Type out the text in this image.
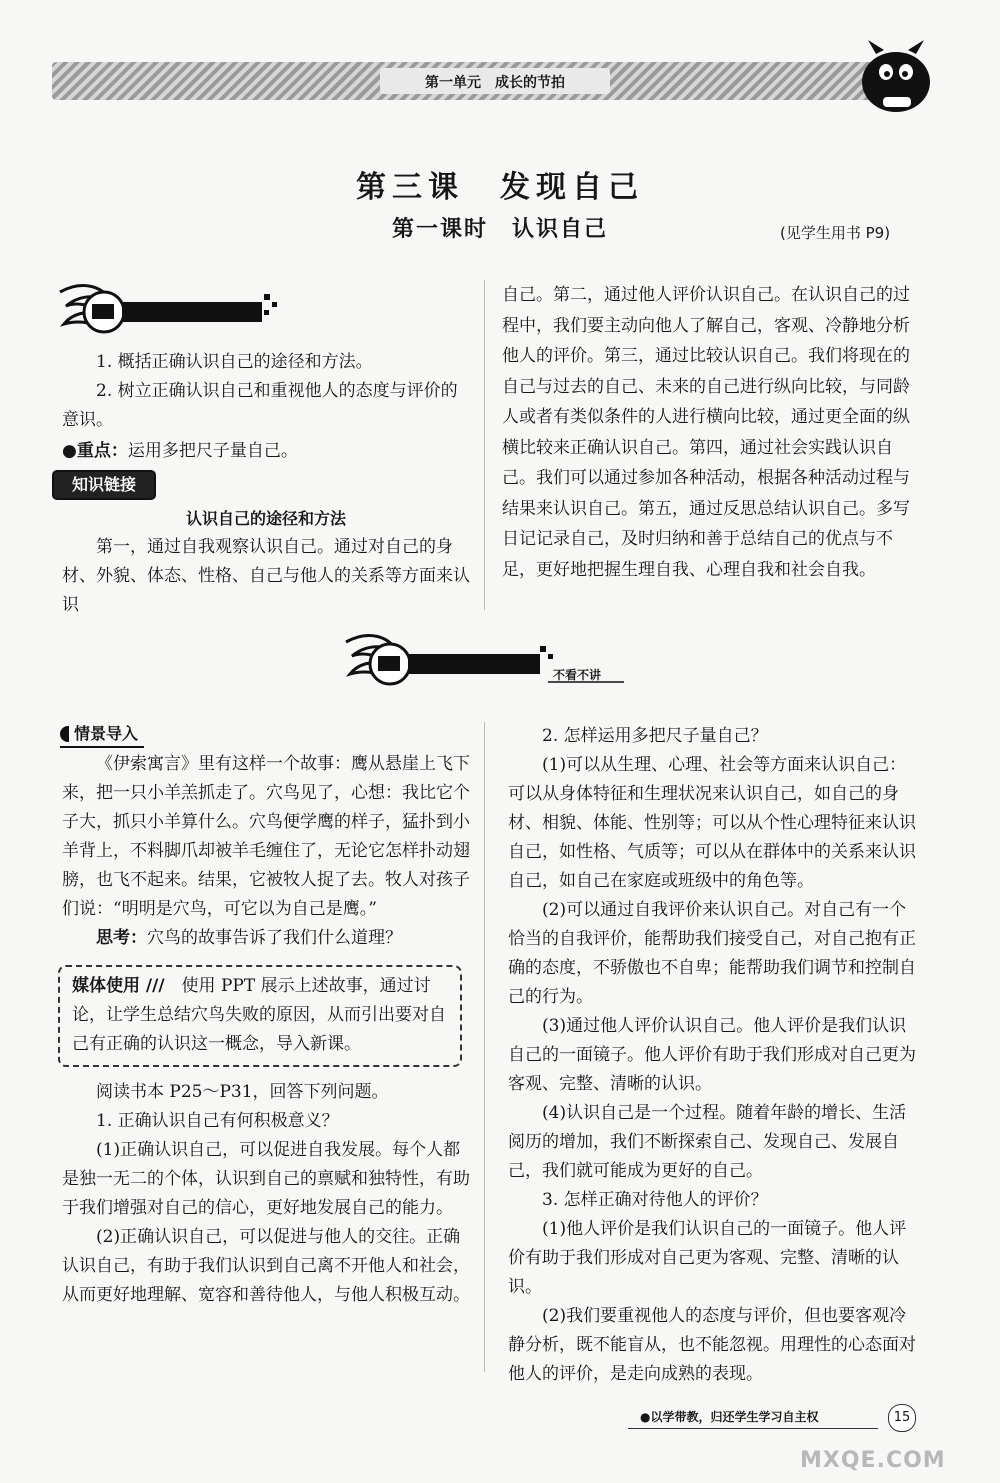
第一单元　成长的节拍
第三课　发现自己
第一课时　认识自己	(见学生用书 P9)

1. 概括正确认识自己的途径和方法。

2. 树立正确认识自己和重视他人的态度与评价的意识。

●重点：运用多把尺子量自己。

知识链接

认识自己的途径和方法

第一，通过自我观察认识自己。通过对自己的身材、外貌、体态、性格、自己与他人的关系等方面来认识

自己。第二，通过他人评价认识自己。在认识自己的过程中，我们要主动向他人了解自己，客观、冷静地分析他人的评价。第三，通过比较认识自己。我们将现在的自己与过去的自己、未来的自己进行纵向比较，与同龄人或者有类似条件的人进行横向比较，通过更全面的纵横比较来正确认识自己。第四，通过社会实践认识自己。我们可以通过参加各种活动，根据各种活动过程与结果来认识自己。第五，通过反思总结认识自己。多写日记记录自己，及时归纳和善于总结自己的优点与不足，更好地把握生理自我、心理自我和社会自我。

不看不讲
情景导入

《伊索寓言》里有这样一个故事：鹰从悬崖上飞下来，把一只小羊羔抓走了。穴鸟见了，心想：我比它个子大，抓只小羊算什么。穴鸟便学鹰的样子，猛扑到小羊背上，不料脚爪却被羊毛缠住了，无论它怎样扑动翅膀，也飞不起来。结果，它被牧人捉了去。牧人对孩子们说：“明明是穴鸟，可它以为自己是鹰。”

思考：穴鸟的故事告诉了我们什么道理？

媒体使用 ///　使用 PPT 展示上述故事，通过讨论，让学生总结穴鸟失败的原因，从而引出要对自己有正确的认识这一概念，导入新课。

阅读书本 P25～P31，回答下列问题。

1. 正确认识自己有何积极意义？

(1)正确认识自己，可以促进自我发展。每个人都是独一无二的个体，认识到自己的禀赋和独特性，有助于我们增强对自己的信心，更好地发展自己的能力。

(2)正确认识自己，可以促进与他人的交往。正确认识自己，有助于我们认识到自己离不开他人和社会，从而更好地理解、宽容和善待他人，与他人积极互动。

2. 怎样运用多把尺子量自己？

(1)可以从生理、心理、社会等方面来认识自己：可以从身体特征和生理状况来认识自己，如自己的身材、相貌、体能、性别等；可以从个性心理特征来认识自己，如性格、气质等；可以从在群体中的关系来认识自己，如自己在家庭或班级中的角色等。

(2)可以通过自我评价来认识自己。对自己有一个恰当的自我评价，能帮助我们接受自己，对自己抱有正确的态度，不骄傲也不自卑；能帮助我们调节和控制自己的行为。

(3)通过他人评价认识自己。他人评价是我们认识自己的一面镜子。他人评价有助于我们形成对自己更为客观、完整、清晰的认识。

(4)认识自己是一个过程。随着年龄的增长、生活阅历的增加，我们不断探索自己、发现自己、发展自己，我们就可能成为更好的自己。

3. 怎样正确对待他人的评价？

(1)他人评价是我们认识自己的一面镜子。他人评价有助于我们形成对自己更为客观、完整、清晰的认识。

(2)我们要重视他人的态度与评价，但也要客观冷静分析，既不能盲从，也不能忽视。用理性的心态面对他人的评价，是走向成熟的表现。

●以学带教，归还学生学习自主权	15
MXQE.COM
